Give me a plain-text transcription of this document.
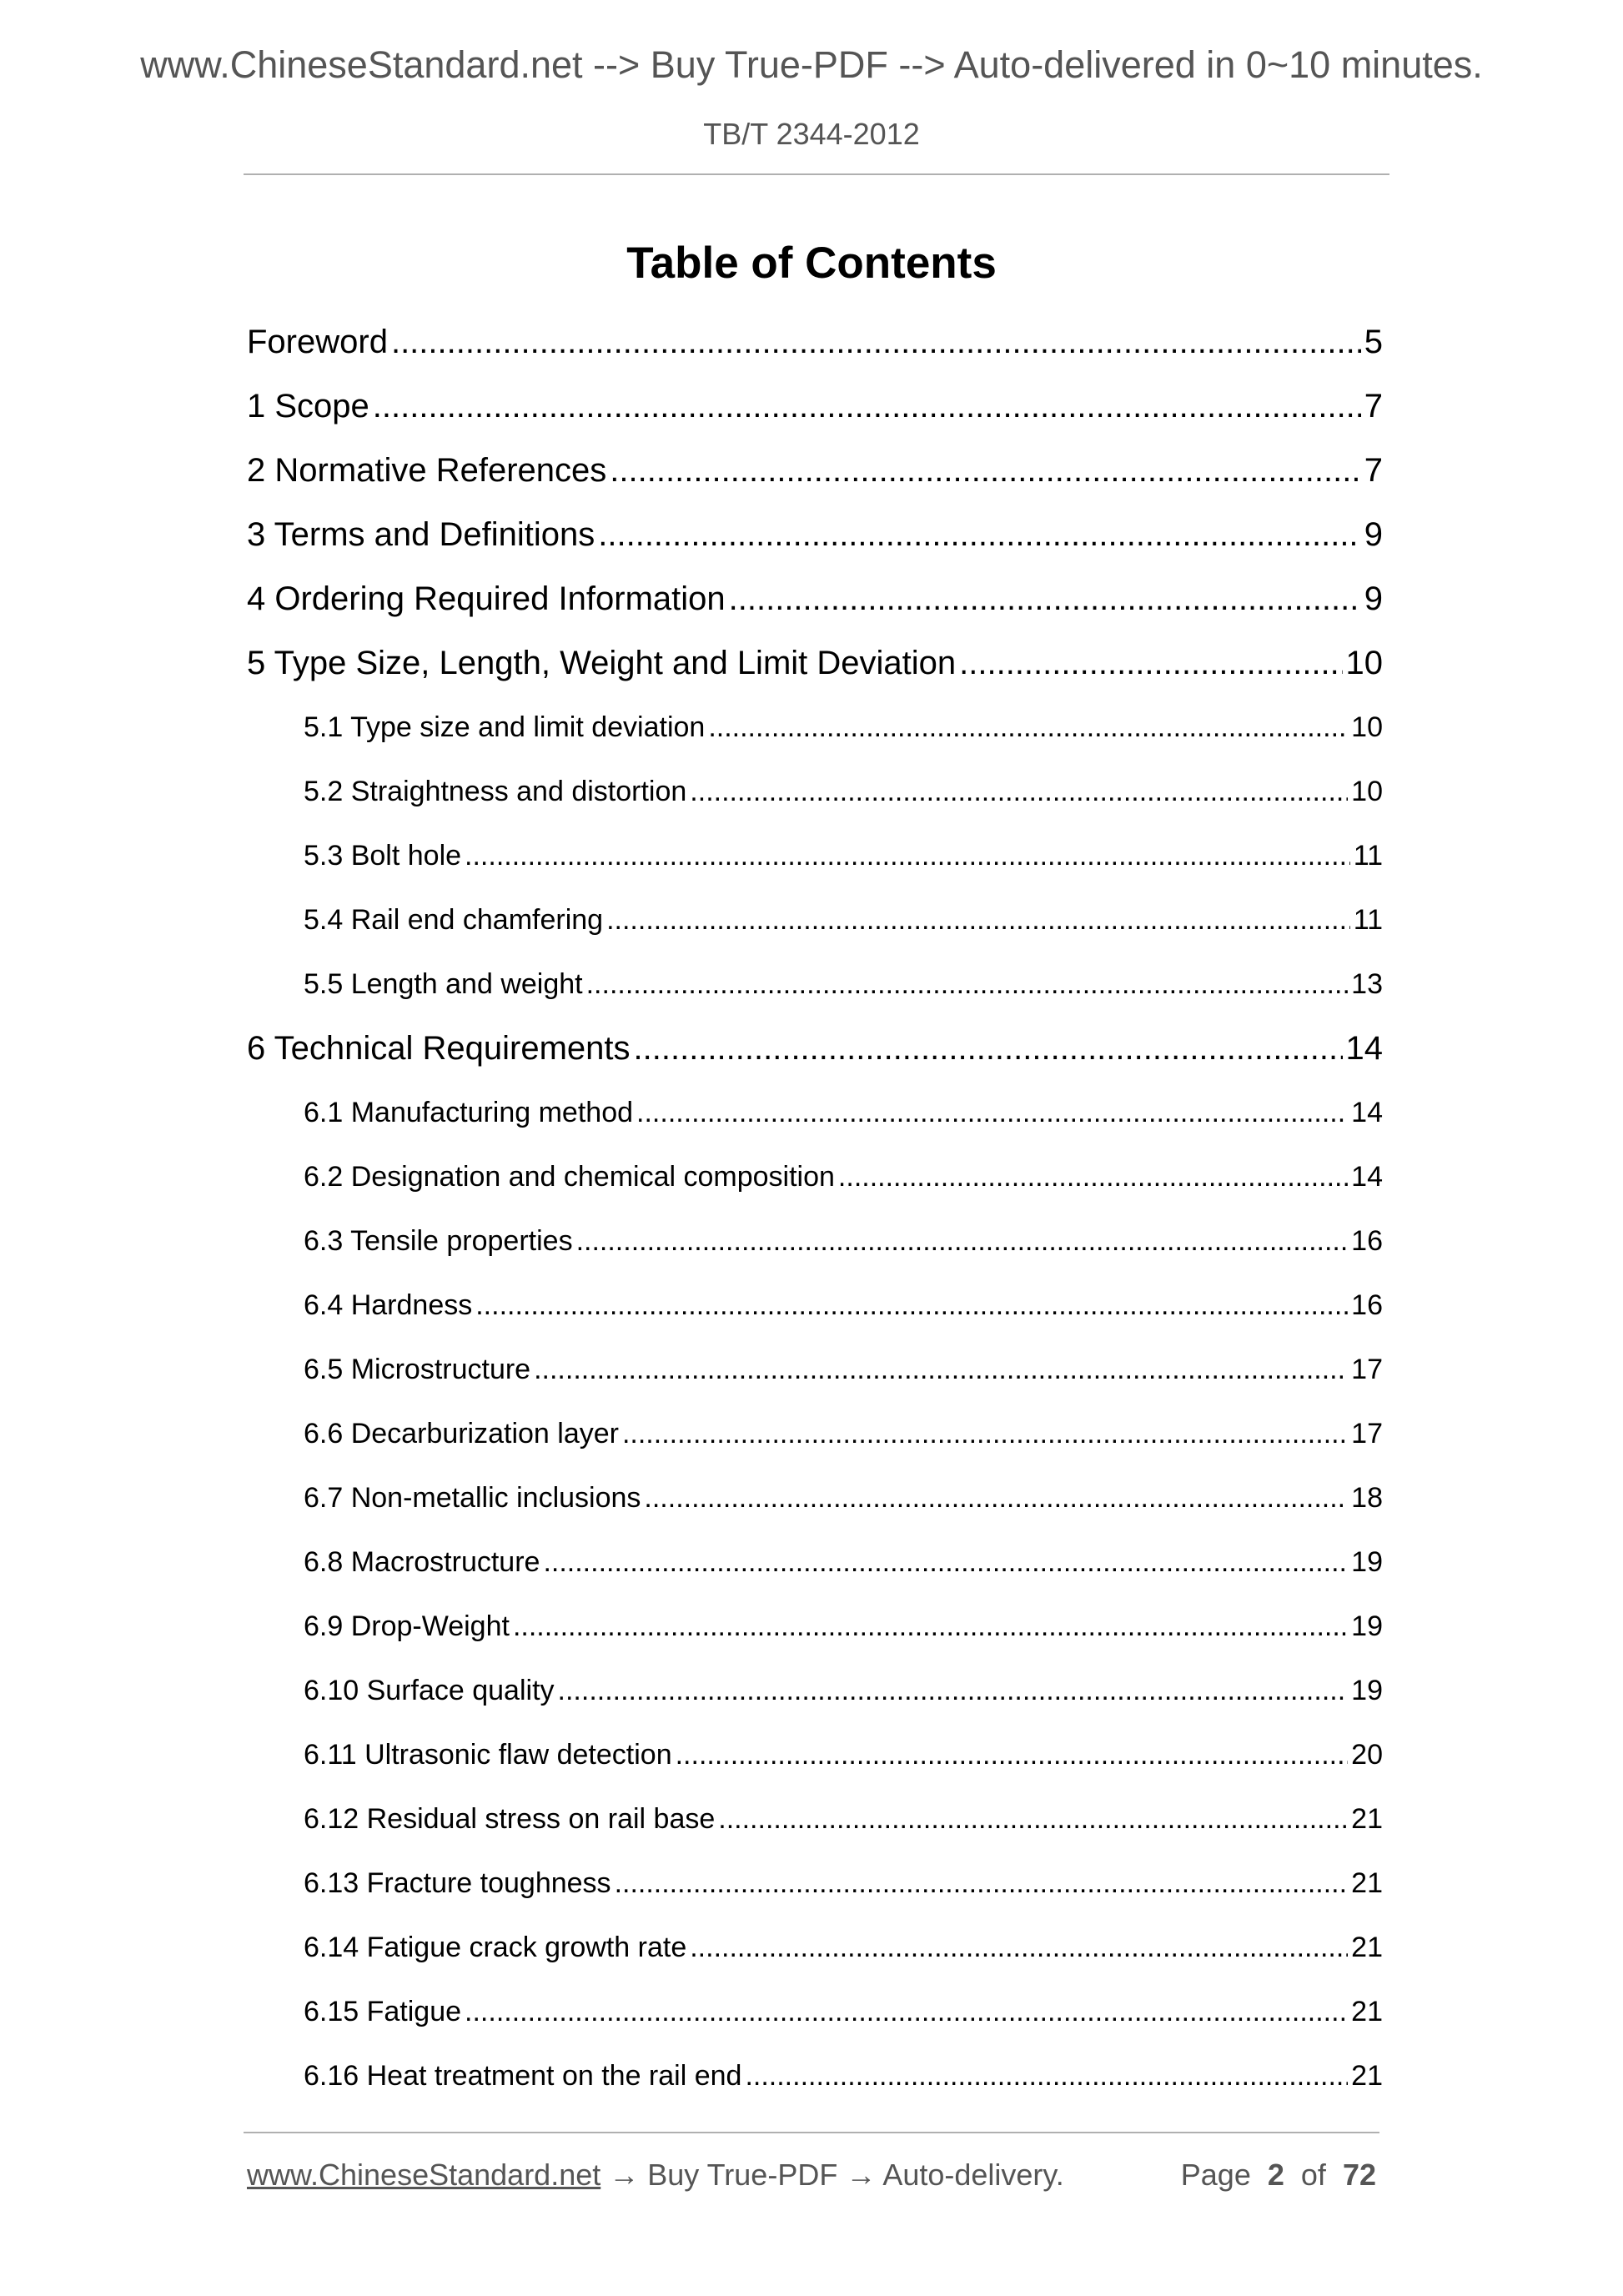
www.ChineseStandard.net --> Buy True-PDF --> Auto-delivered in 0~10 minutes.
TB/T 2344-2012
Table of Contents
Foreword .....	5
1 Scope .....	7
2 Normative References .....	7
3 Terms and Definitions .....	9
4 Ordering Required Information .....	9
5 Type Size, Length, Weight and Limit Deviation .....	10
5.1 Type size and limit deviation .....	10
5.2 Straightness and distortion .....	10
5.3 Bolt hole .....	11
5.4 Rail end chamfering .....	11
5.5 Length and weight .....	13
6 Technical Requirements .....	14
6.1 Manufacturing method .....	14
6.2 Designation and chemical composition .....	14
6.3 Tensile properties .....	16
6.4 Hardness .....	16
6.5 Microstructure .....	17
6.6 Decarburization layer .....	17
6.7 Non-metallic inclusions .....	18
6.8 Macrostructure .....	19
6.9 Drop-Weight .....	19
6.10 Surface quality .....	19
6.11 Ultrasonic flaw detection .....	20
6.12 Residual stress on rail base .....	21
6.13 Fracture toughness .....	21
6.14 Fatigue crack growth rate .....	21
6.15 Fatigue .....	21
6.16 Heat treatment on the rail end .....	21
www.ChineseStandard.net → Buy True-PDF → Auto-delivery.	Page 2 of 72
